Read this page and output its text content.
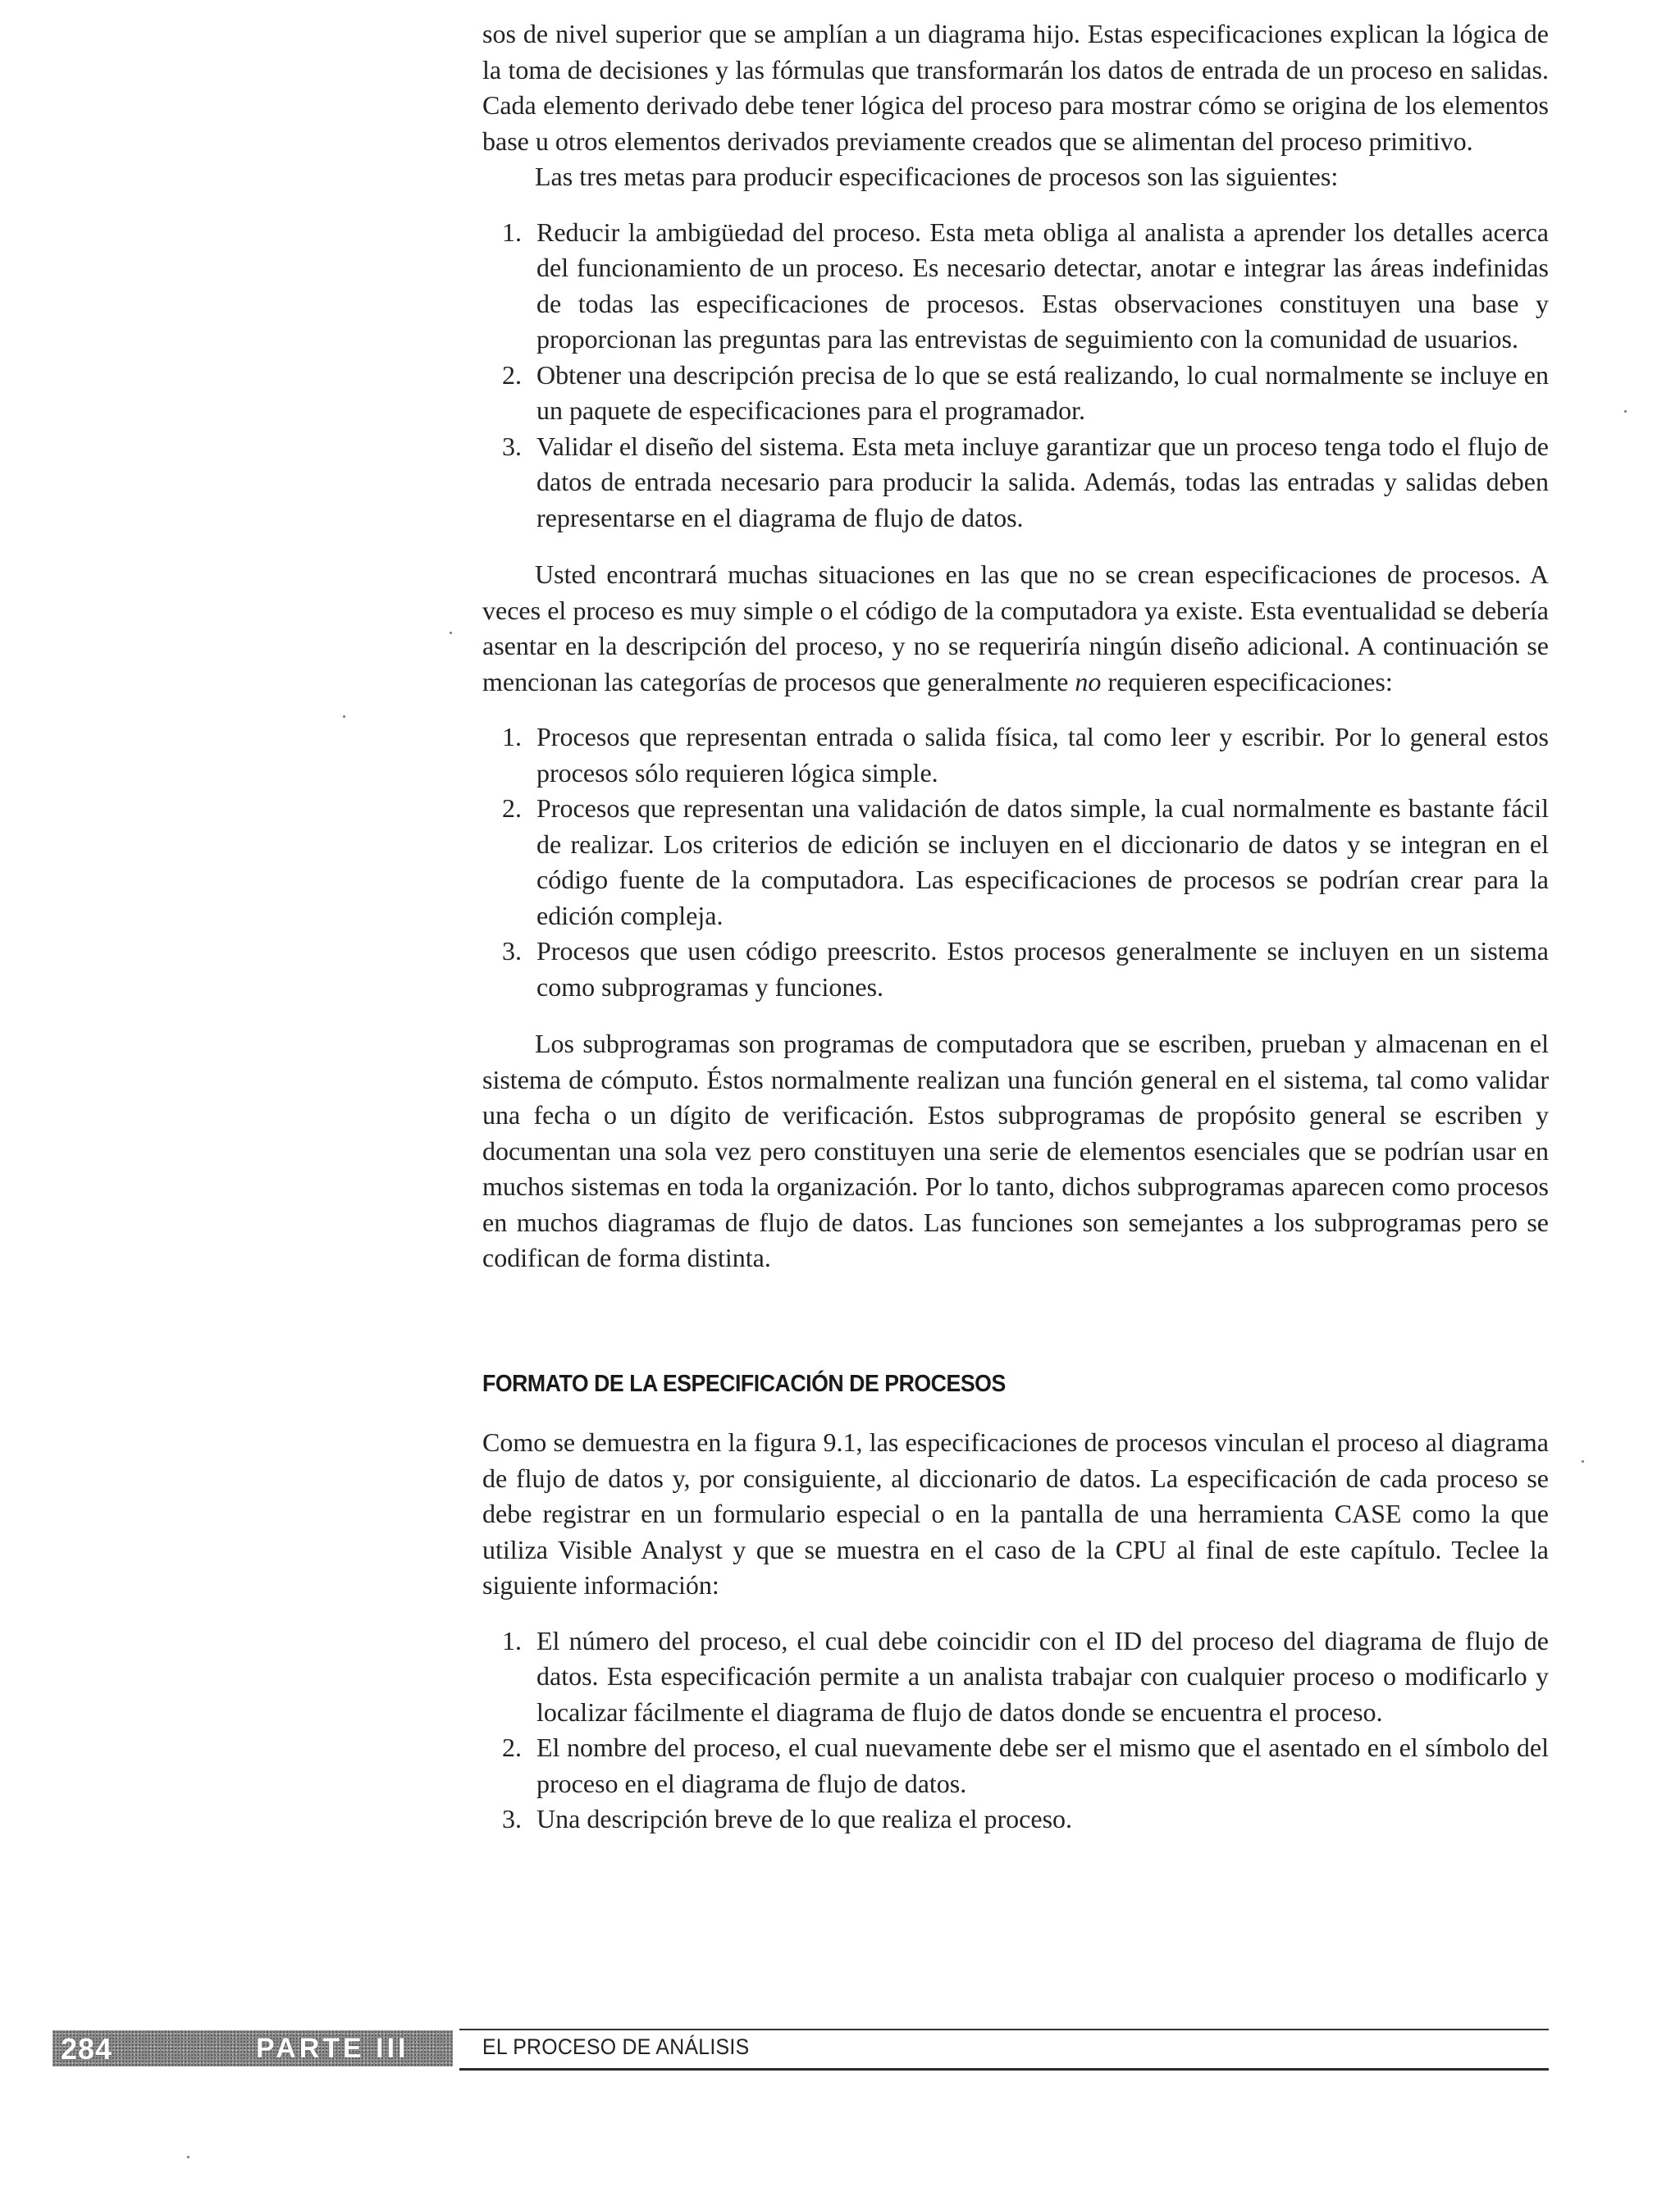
sos de nivel superior que se amplían a un diagrama hijo. Estas especificaciones explican la lógica de la toma de decisiones y las fórmulas que transformarán los datos de entrada de un proceso en salidas. Cada elemento derivado debe tener lógica del proceso para mostrar cómo se origina de los elementos base u otros elementos derivados previamente creados que se alimentan del proceso primitivo.

Las tres metas para producir especificaciones de procesos son las siguientes:

1. Reducir la ambigüedad del proceso. Esta meta obliga al analista a aprender los detalles acerca del funcionamiento de un proceso. Es necesario detectar, anotar e integrar las áreas indefinidas de todas las especificaciones de procesos. Estas observaciones constituyen una base y proporcionan las preguntas para las entrevistas de seguimiento con la comunidad de usuarios.
2. Obtener una descripción precisa de lo que se está realizando, lo cual normalmente se incluye en un paquete de especificaciones para el programador.
3. Validar el diseño del sistema. Esta meta incluye garantizar que un proceso tenga todo el flujo de datos de entrada necesario para producir la salida. Además, todas las entradas y salidas deben representarse en el diagrama de flujo de datos.

Usted encontrará muchas situaciones en las que no se crean especificaciones de procesos. A veces el proceso es muy simple o el código de la computadora ya existe. Esta eventualidad se debería asentar en la descripción del proceso, y no se requeriría ningún diseño adicional. A continuación se mencionan las categorías de procesos que generalmente no requieren especificaciones:

1. Procesos que representan entrada o salida física, tal como leer y escribir. Por lo general estos procesos sólo requieren lógica simple.
2. Procesos que representan una validación de datos simple, la cual normalmente es bastante fácil de realizar. Los criterios de edición se incluyen en el diccionario de datos y se integran en el código fuente de la computadora. Las especificaciones de procesos se podrían crear para la edición compleja.
3. Procesos que usen código preescrito. Estos procesos generalmente se incluyen en un sistema como subprogramas y funciones.

Los subprogramas son programas de computadora que se escriben, prueban y almacenan en el sistema de cómputo. Éstos normalmente realizan una función general en el sistema, tal como validar una fecha o un dígito de verificación. Estos subprogramas de propósito general se escriben y documentan una sola vez pero constituyen una serie de elementos esenciales que se podrían usar en muchos sistemas en toda la organización. Por lo tanto, dichos subprogramas aparecen como procesos en muchos diagramas de flujo de datos. Las funciones son semejantes a los subprogramas pero se codifican de forma distinta.

FORMATO DE LA ESPECIFICACIÓN DE PROCESOS

Como se demuestra en la figura 9.1, las especificaciones de procesos vinculan el proceso al diagrama de flujo de datos y, por consiguiente, al diccionario de datos. La especificación de cada proceso se debe registrar en un formulario especial o en la pantalla de una herramienta CASE como la que utiliza Visible Analyst y que se muestra en el caso de la CPU al final de este capítulo. Teclee la siguiente información:

1. El número del proceso, el cual debe coincidir con el ID del proceso del diagrama de flujo de datos. Esta especificación permite a un analista trabajar con cualquier proceso o modificarlo y localizar fácilmente el diagrama de flujo de datos donde se encuentra el proceso.
2. El nombre del proceso, el cual nuevamente debe ser el mismo que el asentado en el símbolo del proceso en el diagrama de flujo de datos.
3. Una descripción breve de lo que realiza el proceso.
284	PARTE III	EL PROCESO DE ANÁLISIS
